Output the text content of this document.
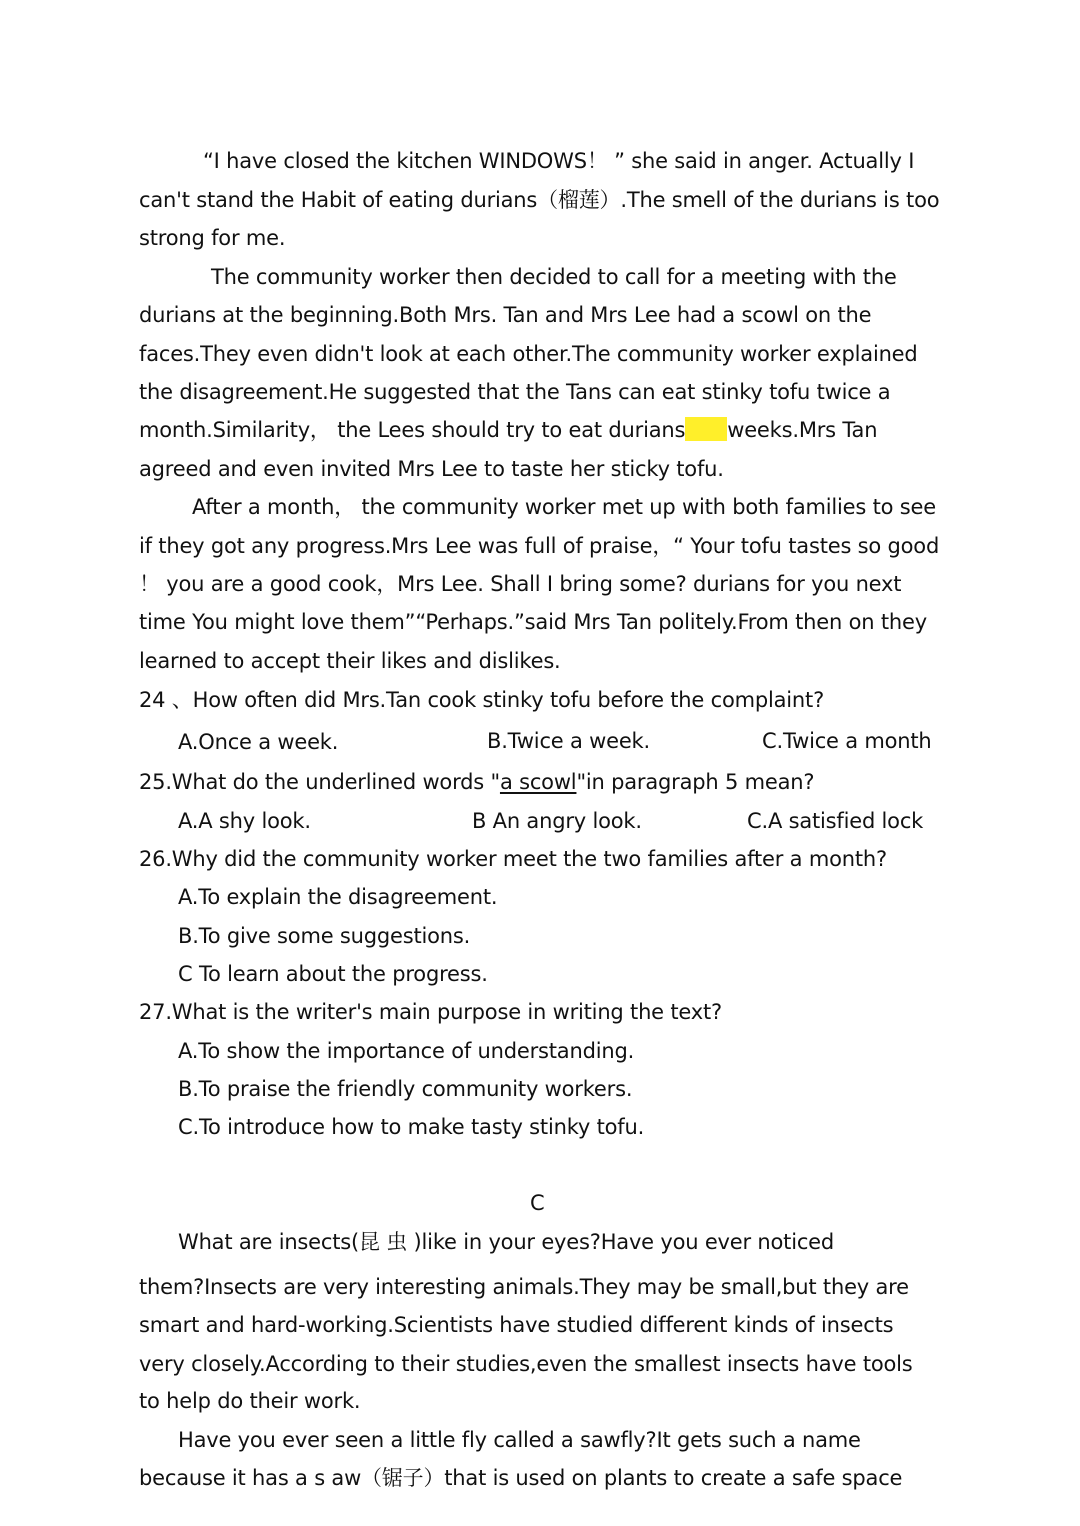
“I have closed the kitchen WINDOWS！ ” she said in anger. Actually I
can't stand the Habit of eating durians（榴莲）.The smell of the durians is too
strong for me.
The community worker then decided to call for a meeting with the
durians at the beginning.Both Mrs. Tan and Mrs Lee had a scowl on the
faces.They even didn't look at each other.The community worker explained
the disagreement.He suggested that the Tans can eat stinky tofu twice a
month.Similarity， the Lees should try to eat durians weeks.Mrs Tan
agreed and even invited Mrs Lee to taste her sticky tofu.
After a month， the community worker met up with both families to see
if they got any progress.Mrs Lee was full of praise，“ Your tofu tastes so good
！ you are a good cook，Mrs Lee. Shall I bring some? durians for you next
time You might love them”“Perhaps.”said Mrs Tan politely.From then on they
learned to accept their likes and dislikes.
24 、How often did Mrs.Tan cook stinky tofu before the complaint?
A.Once a week.	B.Twice a week.	C.Twice a month
25.What do the underlined words "a scowl"in paragraph 5 mean?
A.A shy look.	B An angry look.	C.A satisfied lock
26.Why did the community worker meet the two families after a month?
A.To explain the disagreement.
B.To give some suggestions.
C To learn about the progress.
27.What is the writer's main purpose in writing the text?
A.To show the importance of understanding.
B.To praise the friendly community workers.
C.To introduce how to make tasty stinky tofu.
C
What are insects(昆 虫 )like in your eyes?Have you ever noticed
them?Insects are very interesting animals.They may be small,but they are
smart and hard-working.Scientists have studied different kinds of insects
very closely.According to their studies,even the smallest insects have tools
to help do their work.
Have you ever seen a little fly called a sawfly?It gets such a name
because it has a s aw（锯子）that is used on plants to create a safe space
